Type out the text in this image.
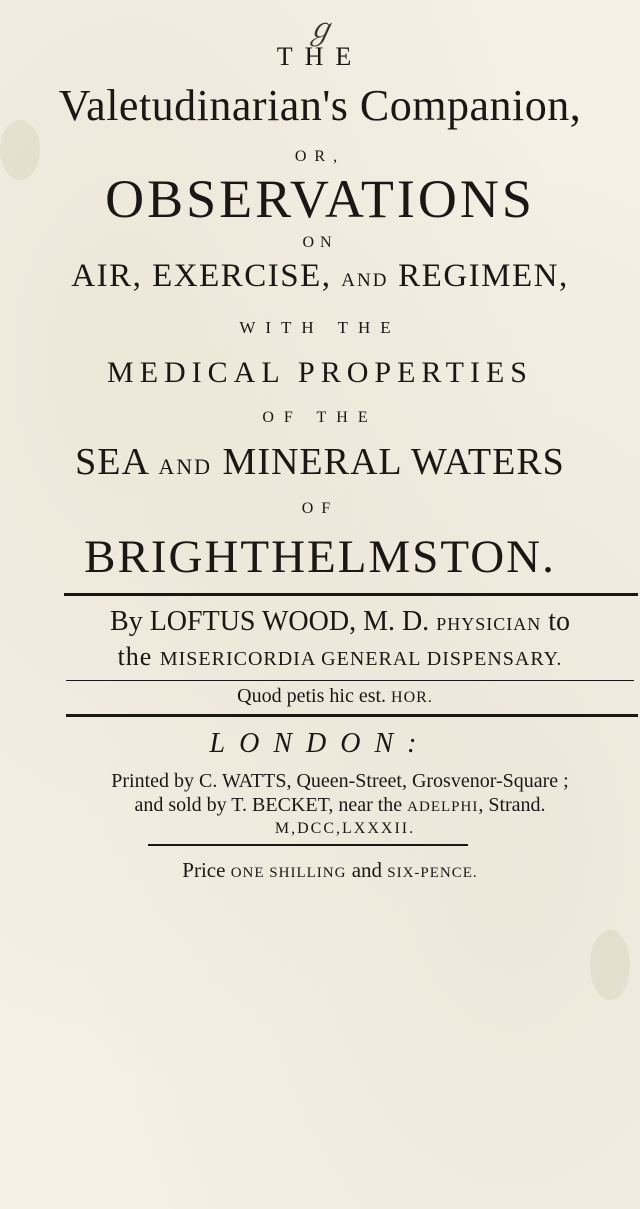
ℊ
THE
Valetudinarian's Companion,
OR,
OBSERVATIONS
ON
AIR, EXERCISE, AND REGIMEN,
WITH THE
MEDICAL PROPERTIES
OF THE
SEA AND MINERAL WATERS
OF
BRIGHTHELMSTON.
By LOFTUS WOOD, M. D. PHYSICIAN to
the MISERICORDIA GENERAL DISPENSARY.
Quod petis hic est. HOR.
LONDON:
Printed by C. WATTS, Queen-Street, Grosvenor-Square ;
and sold by T. BECKET, near the ADELPHI, Strand.
M,DCC,LXXXII.
Price ONE SHILLING and SIX-PENCE.
